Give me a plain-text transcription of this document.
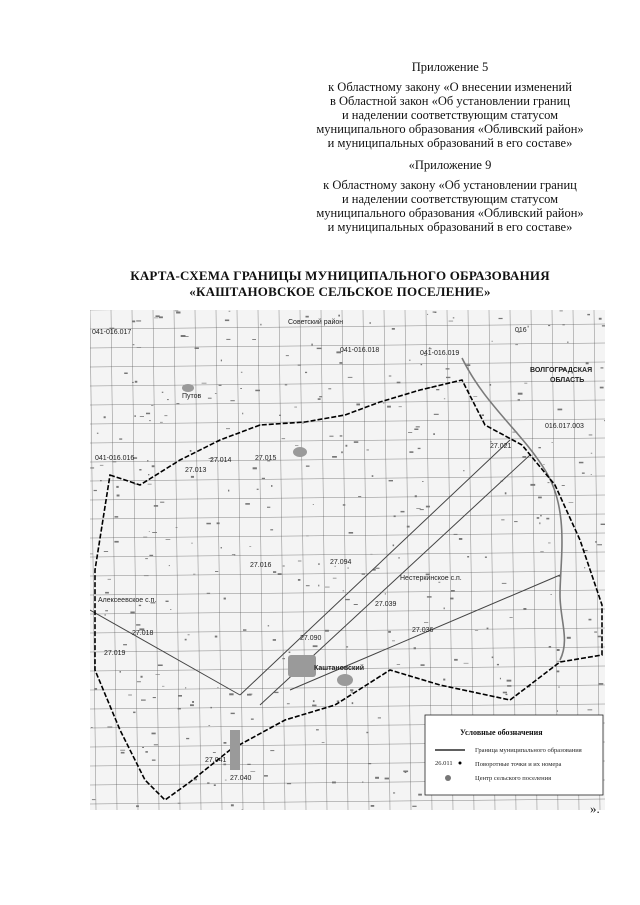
Приложение 5
к Областному закону «О внесении изменений
в Областной закон «Об установлении границ
и наделении соответствующим статусом
муниципального образования «Обливский район»
и муниципальных образований в его составе»
«Приложение 9
к Областному закону «Об установлении границ
и наделении соответствующим статусом
муниципального образования «Обливский район»
и муниципальных образований в его составе»
КАРТА-СХЕМА ГРАНИЦЫ МУНИЦИПАЛЬНОГО ОБРАЗОВАНИЯ
«КАШТАНОВСКОЕ СЕЛЬСКОЕ ПОСЕЛЕНИЕ»
Советский район
ВОЛГОГРАДСКАЯ
ОБЛАСТЬ
Путов
Алексеевское с.п.
Каштановский
Нестеркинское с.п.
041-016.017
041-016.018	041-016.019
016
016.017.003
041-016.016
27.013
27.014	27.015
27.021
27.016	27.094
27.018
27.019
27.039
27.036
27.040
27.041
27.090
Условные обозначения
Граница муниципального образования
26.011	Поворотные точки и их номера
Центр сельского поселения
».
